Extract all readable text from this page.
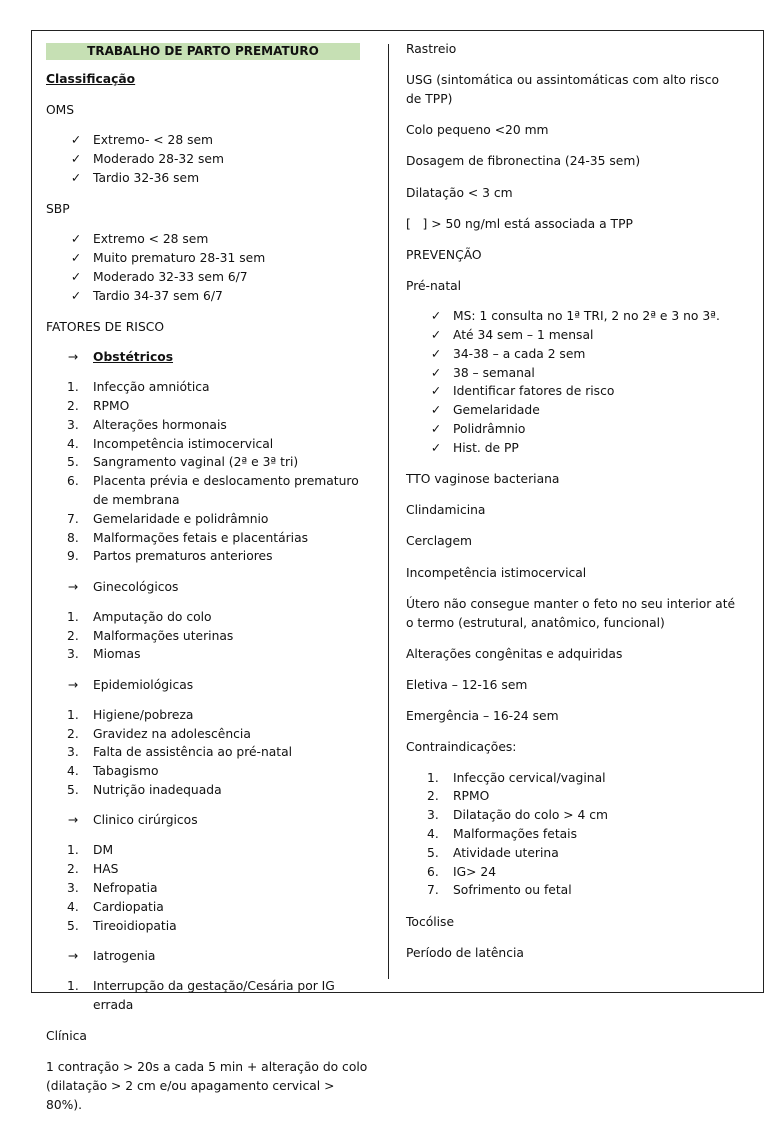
TRABALHO DE PARTO PREMATURO

Classificação

OMS

✓ Extremo- < 28 sem
✓ Moderado 28-32 sem
✓ Tardio 32-36 sem

SBP

✓ Extremo < 28 sem
✓ Muito prematuro 28-31 sem
✓ Moderado 32-33 sem 6/7
✓ Tardio 34-37 sem 6/7

FATORES DE RISCO

→	Obstétricos
1.	Infecção amniótica
2.	RPMO
3.	Alterações hormonais
4.	Incompetência istimocervical
5.	Sangramento vaginal (2ª e 3ª tri)
6.	Placenta prévia e deslocamento prematuro de membrana
7.	Gemelaridade e polidrâmnio
8.	Malformações fetais e placentárias
9.	Partos prematuros anteriores
→	Ginecológicos
1.	Amputação do colo
2.	Malformações uterinas
3.	Miomas
→	Epidemiológicas
1.	Higiene/pobreza
2.	Gravidez na adolescência
3.	Falta de assistência ao pré-natal
4.	Tabagismo
5.	Nutrição inadequada
→	Clinico cirúrgicos
1.	DM
2.	HAS
3.	Nefropatia
4.	Cardiopatia
5.	Tireoidiopatia
→	Iatrogenia
1.	Interrupção da gestação/Cesária por IG errada

Clínica

1 contração > 20s a cada 5 min + alteração do colo (dilatação > 2 cm e/ou apagamento cervical > 80%).

Rastreio

USG (sintomática ou assintomáticas com alto risco de TPP)

Colo pequeno <20 mm

Dosagem de fibronectina (24-35 sem)

Dilatação < 3 cm

[   ] > 50 ng/ml está associada a TPP

PREVENÇÃO

Pré-natal

✓ MS: 1 consulta no 1ª TRI, 2 no 2ª e 3 no 3ª.
✓ Até 34 sem – 1 mensal
✓ 34-38 – a cada 2 sem
✓ 38 – semanal
✓ Identificar fatores de risco
✓ Gemelaridade
✓ Polidrâmnio
✓ Hist. de PP

TTO vaginose bacteriana

Clindamicina

Cerclagem

Incompetência istimocervical

Útero não consegue manter o feto no seu interior até o termo (estrutural, anatômico, funcional)

Alterações congênitas e adquiridas

Eletiva – 12-16 sem

Emergência – 16-24 sem

Contraindicações:

1.	Infecção cervical/vaginal
2.	RPMO
3.	Dilatação do colo > 4 cm
4.	Malformações fetais
5.	Atividade uterina
6.	IG> 24
7.	Sofrimento ou fetal

Tocólise

Período de latência
